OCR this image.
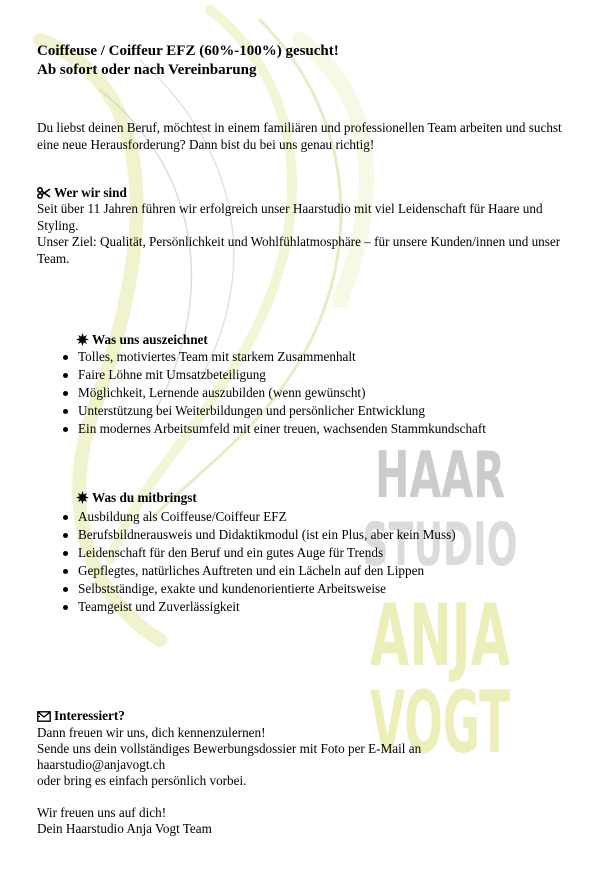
HAAR
STUDIO
ANJA
VOGT
Coiffeuse / Coiffeur EFZ (60%-100%) gesucht!
Ab sofort oder nach Vereinbarung
Du liebst deinen Beruf, möchtest in einem familiären und professionellen Team arbeiten und suchst eine neue Herausforderung? Dann bist du bei uns genau richtig!
Wer wir sind
Seit über 11 Jahren führen wir erfolgreich unser Haarstudio mit viel Leidenschaft für Haare und Styling.
Unser Ziel: Qualität, Persönlichkeit und Wohlfühlatmosphäre – für unsere Kunden/innen und unser Team.
Was uns auszeichnet
Tolles, motiviertes Team mit starkem Zusammenhalt
Faire Löhne mit Umsatzbeteiligung
Möglichkeit, Lernende auszubilden (wenn gewünscht)
Unterstützung bei Weiterbildungen und persönlicher Entwicklung
Ein modernes Arbeitsumfeld mit einer treuen, wachsenden Stammkundschaft
Was du mitbringst
Ausbildung als Coiffeuse/Coiffeur EFZ
Berufsbildnerausweis und Didaktikmodul (ist ein Plus, aber kein Muss)
Leidenschaft für den Beruf und ein gutes Auge für Trends
Gepflegtes, natürliches Auftreten und ein Lächeln auf den Lippen
Selbstständige, exakte und kundenorientierte Arbeitsweise
Teamgeist und Zuverlässigkeit
Interessiert?
Dann freuen wir uns, dich kennenzulernen!
Sende uns dein vollständiges Bewerbungsdossier mit Foto per E-Mail an
haarstudio@anjavogt.ch
oder bring es einfach persönlich vorbei.
Wir freuen uns auf dich!
Dein Haarstudio Anja Vogt Team
